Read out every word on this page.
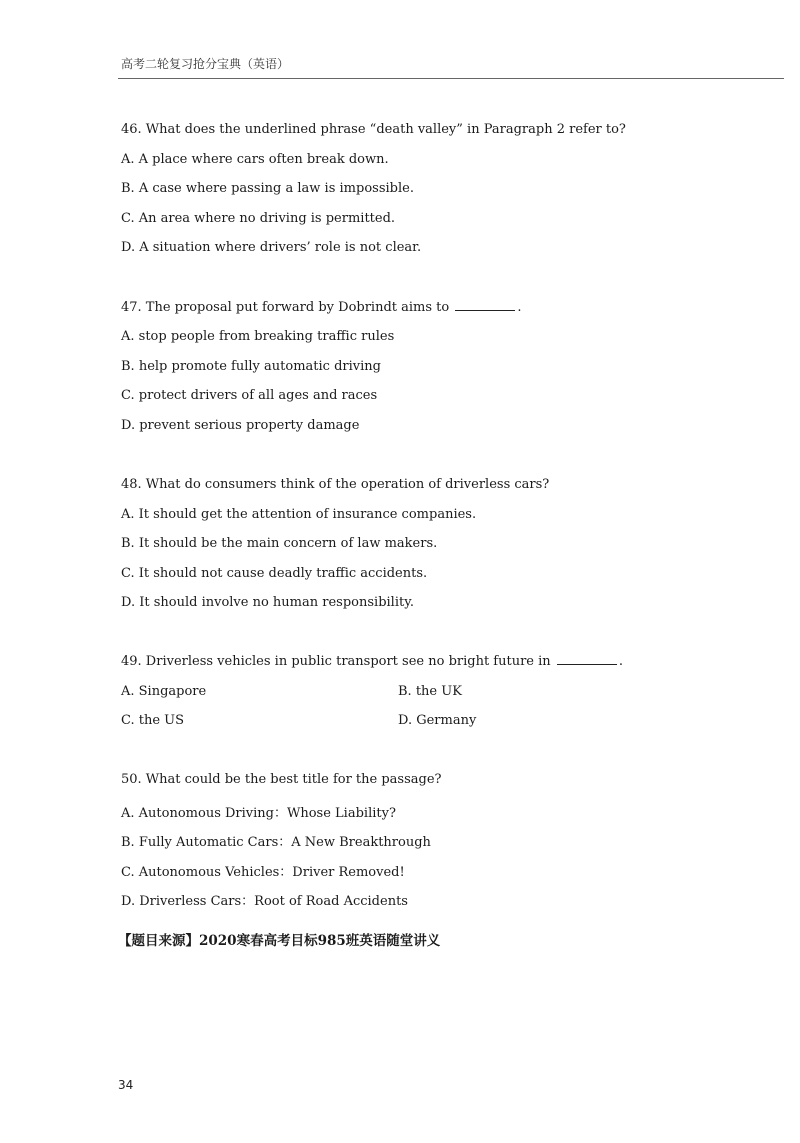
高考二轮复习抢分宝典（英语）
46. What does the underlined phrase “death valley” in Paragraph 2 refer to?
A. A place where cars often break down.
B. A case where passing a law is impossible.
C. An area where no driving is permitted.
D. A situation where drivers’ role is not clear.
47. The proposal put forward by Dobrindt aims to	.
A. stop people from breaking traffic rules
B. help promote fully automatic driving
C. protect drivers of all ages and races
D. prevent serious property damage
48. What do consumers think of the operation of driverless cars?
A. It should get the attention of insurance companies.
B. It should be the main concern of law makers.
C. It should not cause deadly traffic accidents.
D. It should involve no human responsibility.
49. Driverless vehicles in public transport see no bright future in	.
A. Singapore	B. the UK
C. the US	D. Germany
50. What could be the best title for the passage?
A. Autonomous Driving：Whose Liability?
B. Fully Automatic Cars：A New Breakthrough
C. Autonomous Vehicles：Driver Removed!
D. Driverless Cars：Root of Road Accidents
【题目来源】2020寒春高考目标985班英语随堂讲义
34
